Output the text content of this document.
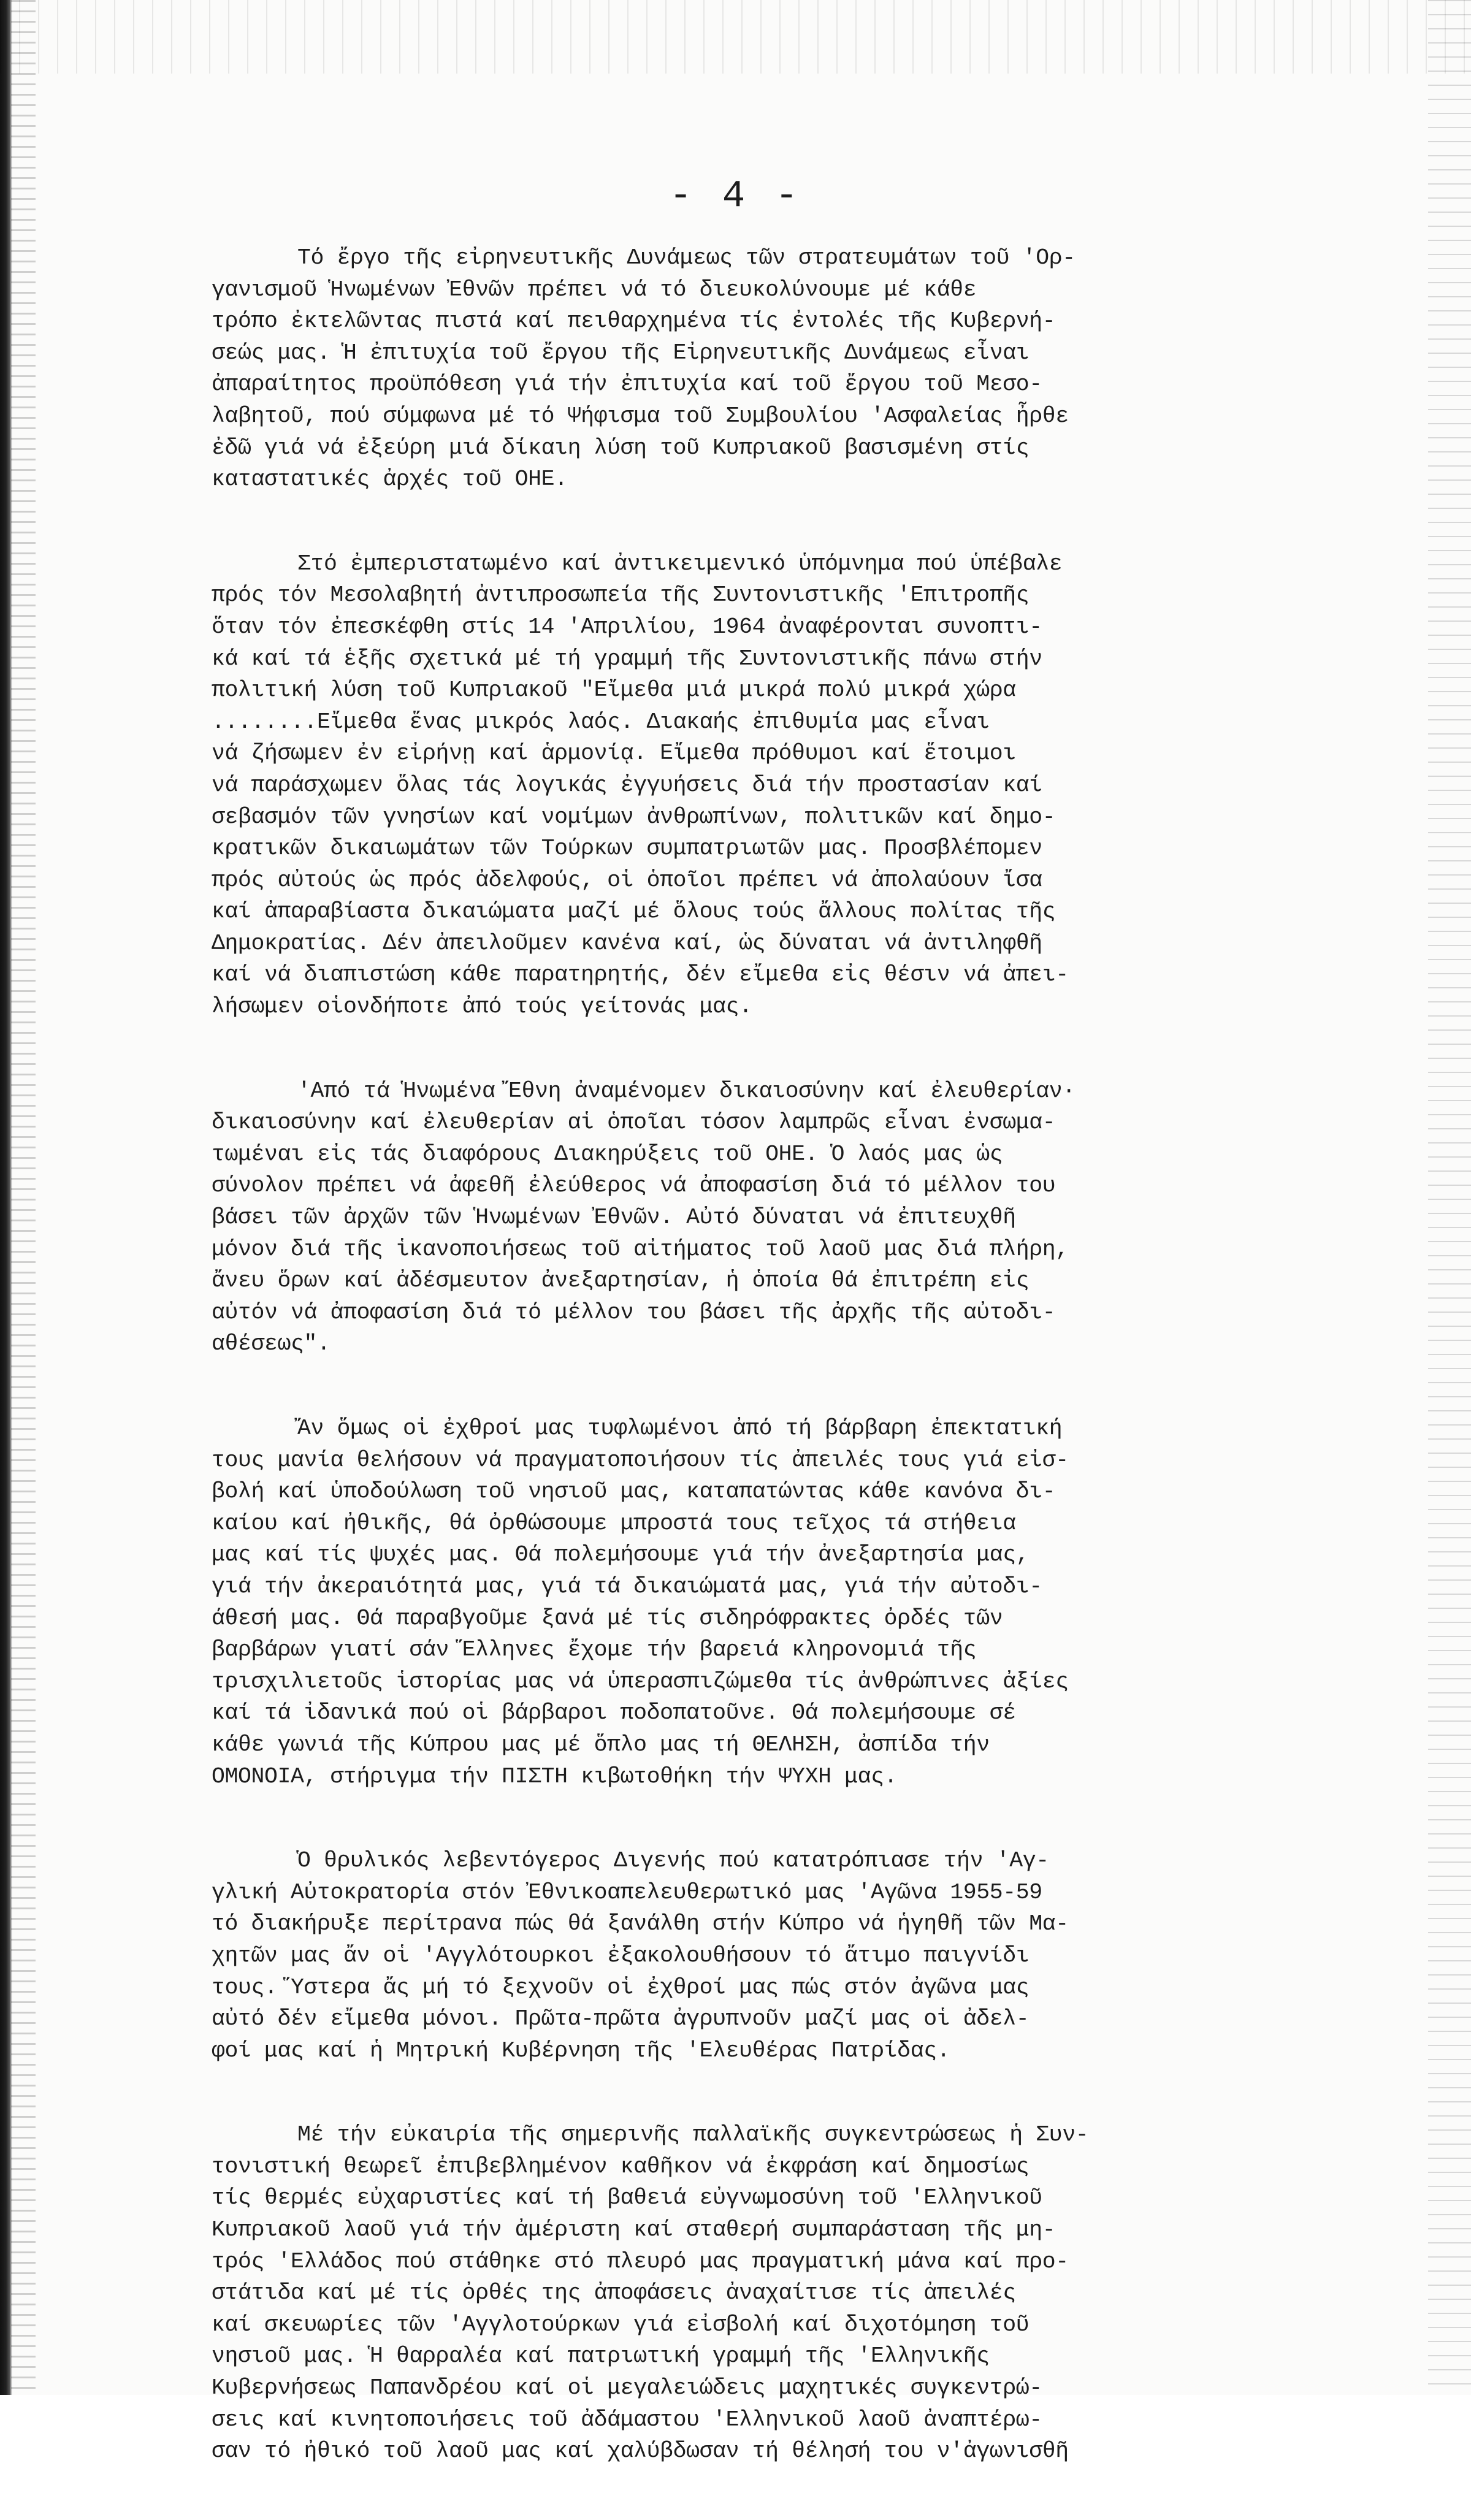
- 4 -
Τό ἔργο τῆς εἰρηνευτικῆς Δυνάμεως τῶν στρατευμάτων τοῦ 'Ορ-
γανισμοῦ Ἡνωμένων Ἐθνῶν πρέπει νά τό διευκολύνουμε μέ κάθε
τρόπο ἐκτελῶντας πιστά καί πειθαρχημένα τίς ἐντολές τῆς Κυβερνή-
σεώς μας. Ἡ ἐπιτυχία τοῦ ἔργου τῆς Εἰρηνευτικῆς Δυνάμεως εἶναι
ἀπαραίτητος προϋπόθεση γιά τήν ἐπιτυχία καί τοῦ ἔργου τοῦ Μεσο-
λαβητοῦ, πού σύμφωνα μέ τό Ψήφισμα τοῦ Συμβουλίου 'Ασφαλείας ἦρθε
ἐδῶ γιά νά ἐξεύρη μιά δίκαιη λύση τοῦ Κυπριακοῦ βασισμένη στίς
καταστατικές ἀρχές τοῦ ΟΗΕ.
Στό ἐμπεριστατωμένο καί ἀντικειμενικό ὑπόμνημα πού ὑπέβαλε
πρός τόν Μεσολαβητή ἀντιπροσωπεία τῆς Συντονιστικῆς 'Επιτροπῆς
ὅταν τόν ἐπεσκέφθη στίς 14 'Απριλίου, 1964 ἀναφέρονται συνοπτι-
κά καί τά ἑξῆς σχετικά μέ τή γραμμή τῆς Συντονιστικῆς πάνω στήν
πολιτική λύση τοῦ Κυπριακοῦ "Εἴμεθα μιά μικρά πολύ μικρά χώρα
........Εἴμεθα ἕνας μικρός λαός. Διακαής ἐπιθυμία μας εἶναι
νά ζήσωμεν ἐν εἰρήνῃ καί ἁρμονίᾳ. Εἴμεθα πρόθυμοι καί ἕτοιμοι
νά παράσχωμεν ὅλας τάς λογικάς ἐγγυήσεις διά τήν προστασίαν καί
σεβασμόν τῶν γνησίων καί νομίμων ἀνθρωπίνων, πολιτικῶν καί δημο-
κρατικῶν δικαιωμάτων τῶν Τούρκων συμπατριωτῶν μας. Προσβλέπομεν
πρός αὐτούς ὡς πρός ἀδελφούς, οἱ ὁποῖοι πρέπει νά ἀπολαύουν ἴσα
καί ἀπαραβίαστα δικαιώματα μαζί μέ ὅλους τούς ἄλλους πολίτας τῆς
Δημοκρατίας. Δέν ἀπειλοῦμεν κανένα καί, ὡς δύναται νά ἀντιληφθῆ
καί νά διαπιστώση κάθε παρατηρητής, δέν εἴμεθα εἰς θέσιν νά ἀπει-
λήσωμεν οἱονδήποτε ἀπό τούς γείτονάς μας.
'Από τά Ἡνωμένα Ἔθνη ἀναμένομεν δικαιοσύνην καί ἐλευθερίαν·
δικαιοσύνην καί ἐλευθερίαν αἱ ὁποῖαι τόσον λαμπρῶς εἶναι ἐνσωμα-
τωμέναι εἰς τάς διαφόρους Διακηρύξεις τοῦ ΟΗΕ. Ὁ λαός μας ὡς
σύνολον πρέπει νά ἀφεθῆ ἐλεύθερος νά ἀποφασίση διά τό μέλλον του
βάσει τῶν ἀρχῶν τῶν Ἡνωμένων Ἐθνῶν. Αὐτό δύναται νά ἐπιτευχθῆ
μόνον διά τῆς ἱκανοποιήσεως τοῦ αἰτήματος τοῦ λαοῦ μας διά πλήρη,
ἄνευ ὅρων καί ἀδέσμευτον ἀνεξαρτησίαν, ἡ ὁποία θά ἐπιτρέπη εἰς
αὐτόν νά ἀποφασίση διά τό μέλλον του βάσει τῆς ἀρχῆς τῆς αὐτοδι-
αθέσεως".
Ἄν ὅμως οἱ ἐχθροί μας τυφλωμένοι ἀπό τή βάρβαρη ἐπεκτατική
τους μανία θελήσουν νά πραγματοποιήσουν τίς ἀπειλές τους γιά εἰσ-
βολή καί ὑποδούλωση τοῦ νησιοῦ μας, καταπατώντας κάθε κανόνα δι-
καίου καί ἠθικῆς, θά ὀρθώσουμε μπροστά τους τεῖχος τά στήθεια
μας καί τίς ψυχές μας. Θά πολεμήσουμε γιά τήν ἀνεξαρτησία μας,
γιά τήν ἀκεραιότητά μας, γιά τά δικαιώματά μας, γιά τήν αὐτοδι-
άθεσή μας. Θά παραβγοῦμε ξανά μέ τίς σιδηρόφρακτες ὀρδές τῶν
βαρβάρων γιατί σάν Ἕλληνες ἔχομε τήν βαρειά κληρονομιά τῆς
τρισχιλιετοῦς ἱστορίας μας νά ὑπερασπιζώμεθα τίς ἀνθρώπινες ἀξίες
καί τά ἰδανικά πού οἱ βάρβαροι ποδοπατοῦνε. Θά πολεμήσουμε σέ
κάθε γωνιά τῆς Κύπρου μας μέ ὅπλο μας τή ΘΕΛΗΣΗ, ἀσπίδα τήν
ΟΜΟΝΟΙΑ, στήριγμα τήν ΠΙΣΤΗ κιβωτοθήκη τήν ΨΥΧΗ μας.
Ὁ θρυλικός λεβεντόγερος Διγενής πού κατατρόπιασε τήν 'Αγ-
γλική Αὐτοκρατορία στόν Ἐθνικοαπελευθερωτικό μας 'Αγῶνα 1955-59
τό διακήρυξε περίτρανα πώς θά ξανάλθη στήν Κύπρο νά ἡγηθῆ τῶν Μα-
χητῶν μας ἄν οἱ 'Αγγλότουρκοι ἐξακολουθήσουν τό ἄτιμο παιγνίδι
τους. Ὕστερα ἄς μή τό ξεχνοῦν οἱ ἐχθροί μας πώς στόν ἀγῶνα μας
αὐτό δέν εἴμεθα μόνοι. Πρῶτα-πρῶτα ἀγρυπνοῦν μαζί μας οἱ ἀδελ-
φοί μας καί ἡ Μητρική Κυβέρνηση τῆς 'Ελευθέρας Πατρίδας.
Μέ τήν εὐκαιρία τῆς σημερινῆς παλλαϊκῆς συγκεντρώσεως ἡ Συν-
τονιστική θεωρεῖ ἐπιβεβλημένον καθῆκον νά ἐκφράση καί δημοσίως
τίς θερμές εὐχαριστίες καί τή βαθειά εὐγνωμοσύνη τοῦ 'Ελληνικοῦ
Κυπριακοῦ λαοῦ γιά τήν ἀμέριστη καί σταθερή συμπαράσταση τῆς μη-
τρός 'Ελλάδος πού στάθηκε στό πλευρό μας πραγματική μάνα καί προ-
στάτιδα καί μέ τίς ὀρθές της ἀποφάσεις ἀναχαίτισε τίς ἀπειλές
καί σκευωρίες τῶν 'Αγγλοτούρκων γιά εἰσβολή καί διχοτόμηση τοῦ
νησιοῦ μας. Ἡ θαρραλέα καί πατριωτική γραμμή τῆς 'Ελληνικῆς
Κυβερνήσεως Παπανδρέου καί οἱ μεγαλειώδεις μαχητικές συγκεντρώ-
σεις καί κινητοποιήσεις τοῦ ἀδάμαστου 'Ελληνικοῦ λαοῦ ἀναπτέρω-
σαν τό ἠθικό τοῦ λαοῦ μας καί χαλύβδωσαν τή θέλησή του ν'ἀγωνισθῆ
